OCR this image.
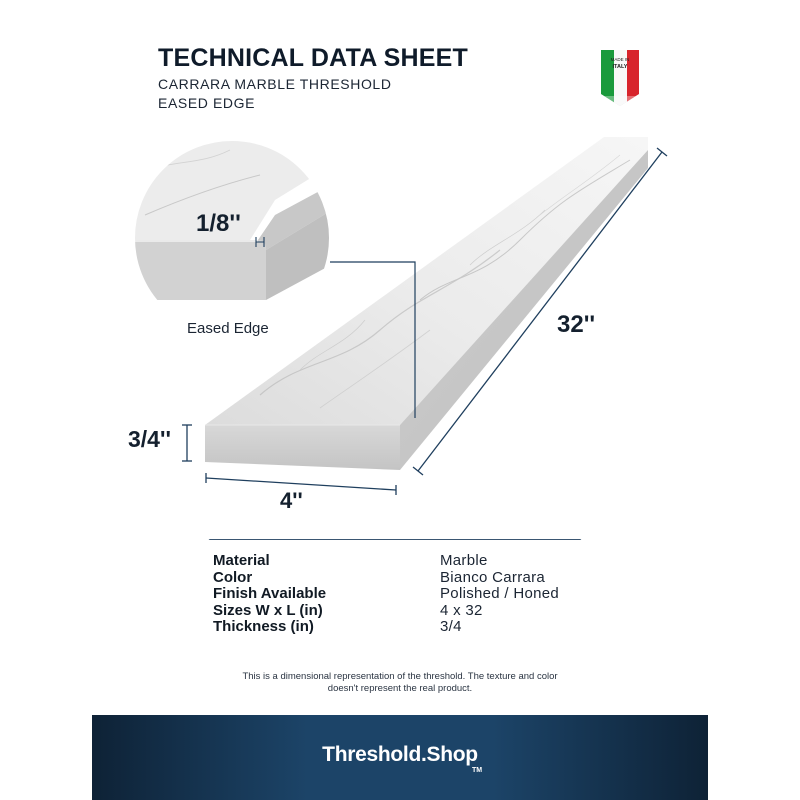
TECHNICAL DATA SHEET
CARRARA MARBLE THRESHOLD
EASED EDGE
MADE IN
ITALY
1/8''
32''
3/4''
4''
Eased Edge
Material	Marble
Color	Bianco Carrara
Finish Available	Polished / Honed
Sizes W x L (in)	4 x 32
Thickness (in)	3/4
This is a dimensional representation of the threshold. The texture and color
doesn't represent the real product.
Threshold.Shop
TM
